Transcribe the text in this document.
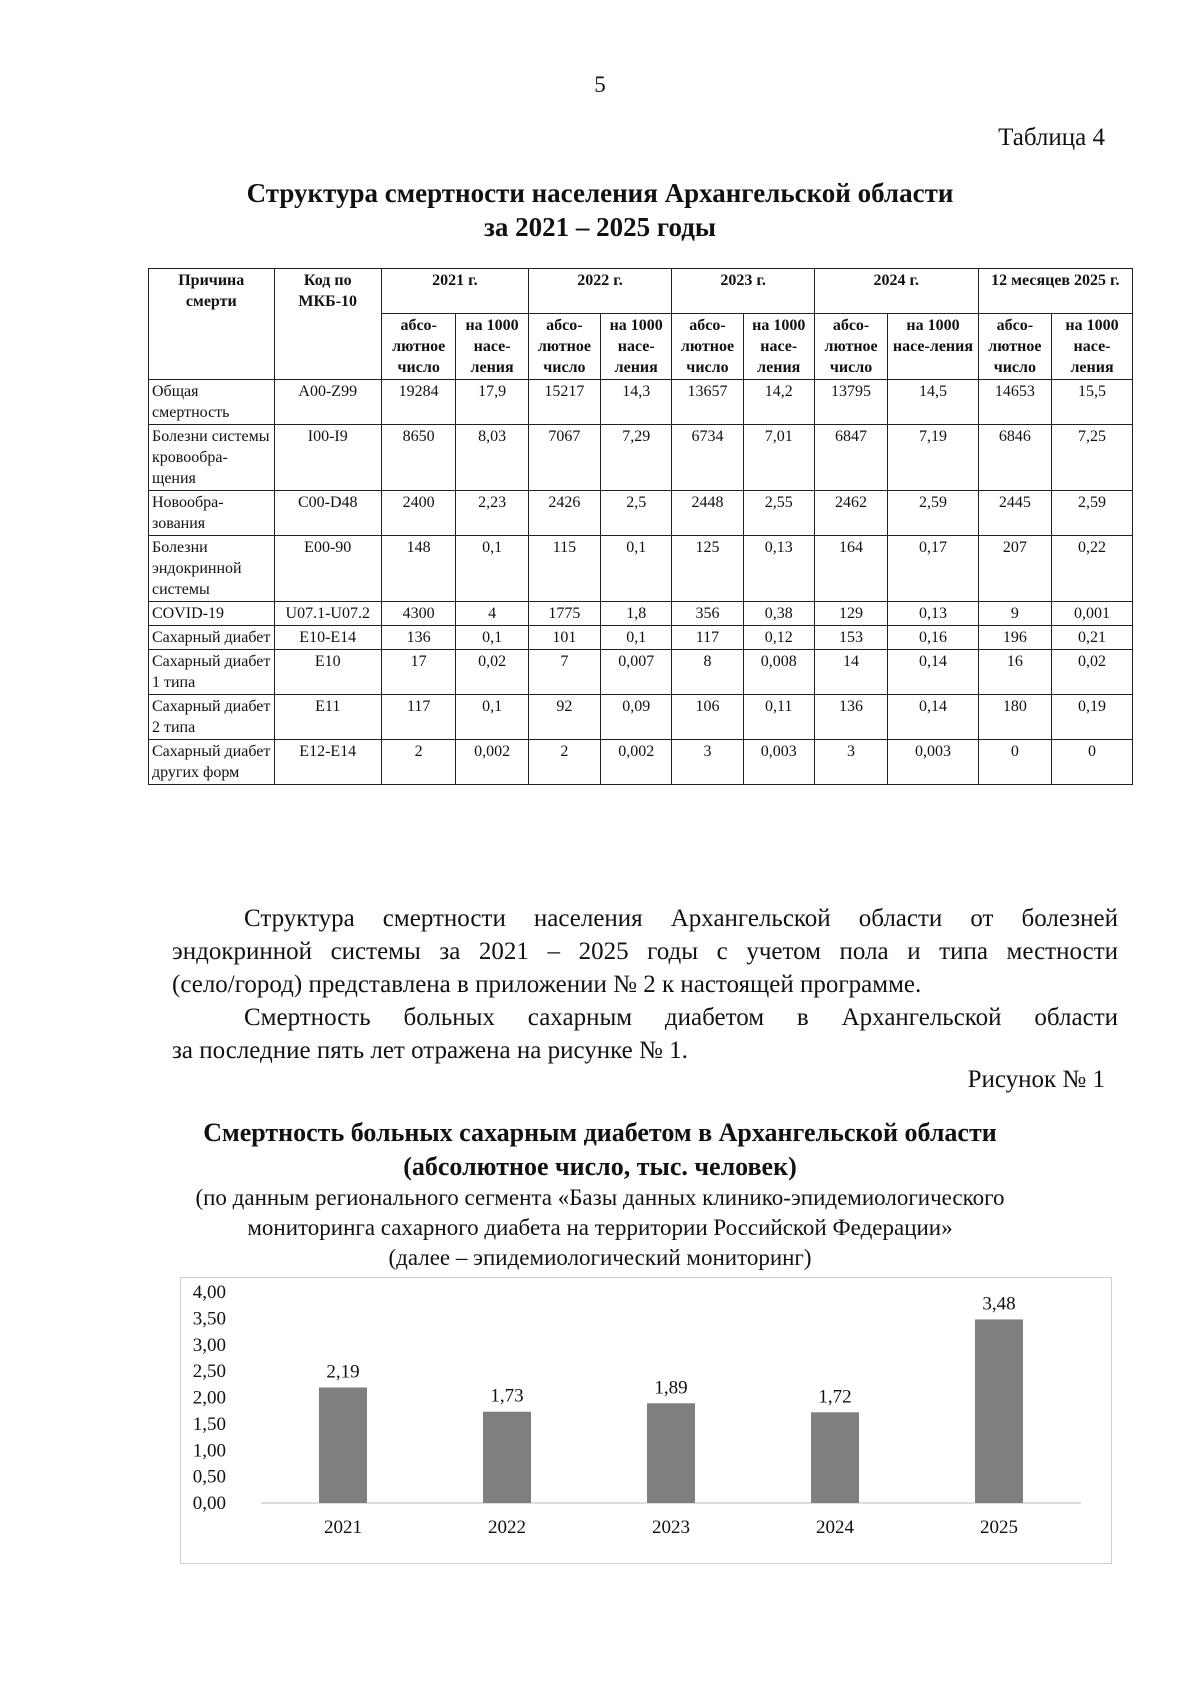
5
Таблица 4
Структура смертности населения Архангельской области
за 2021 – 2025 годы
Причина смерти	Код по МКБ-10	2021 г.		2022 г.		2023 г.		2024 г.		12 месяцев 2025 г.	
		абсо-лютное число	на 1000 насе-ления	абсо-лютное число	на 1000 насе-ления	абсо-лютное число	на 1000 насе-ления	абсо-лютное число	на 1000 насе-ления	абсо-лютное число	на 1000 насе-ления
Общая смертность	A00-Z99	19284	17,9	15217	14,3	13657	14,2	13795	14,5	14653	15,5
Болезни системы кровообра-щения	I00-I9	8650	8,03	7067	7,29	6734	7,01	6847	7,19	6846	7,25
Новообра-зования	C00-D48	2400	2,23	2426	2,5	2448	2,55	2462	2,59	2445	2,59
Болезни эндокринной системы	E00-90	148	0,1	115	0,1	125	0,13	164	0,17	207	0,22
COVID-19	U07.1-U07.2	4300	4	1775	1,8	356	0,38	129	0,13	9	0,001
Сахарный диабет	E10-E14	136	0,1	101	0,1	117	0,12	153	0,16	196	0,21
Сахарный диабет 1 типа	E10	17	0,02	7	0,007	8	0,008	14	0,14	16	0,02
Сахарный диабет 2 типа	E11	117	0,1	92	0,09	106	0,11	136	0,14	180	0,19
Сахарный диабет других форм	E12-E14	2	0,002	2	0,002	3	0,003	3	0,003	0	0
Структура смертности населения Архангельской области от болезней
эндокринной системы за 2021 – 2025 годы с учетом пола и типа местности
(село/город) представлена в приложении № 2 к настоящей программе.
Смертность больных сахарным диабетом в Архангельской области
за последние пять лет отражена на рисунке № 1.
Рисунок № 1
Смертность больных сахарным диабетом в Архангельской области
(абсолютное число, тыс. человек)
(по данным регионального сегмента «Базы данных клинико-эпидемиологического
мониторинга сахарного диабета на территории Российской Федерации»
(далее – эпидемиологический мониторинг)
0,00
0,50
1,00
1,50
2,00
2,50
3,00
3,50
4,00
2,19
2021
1,73
2022
1,89
2023
1,72
2024
3,48
2025
